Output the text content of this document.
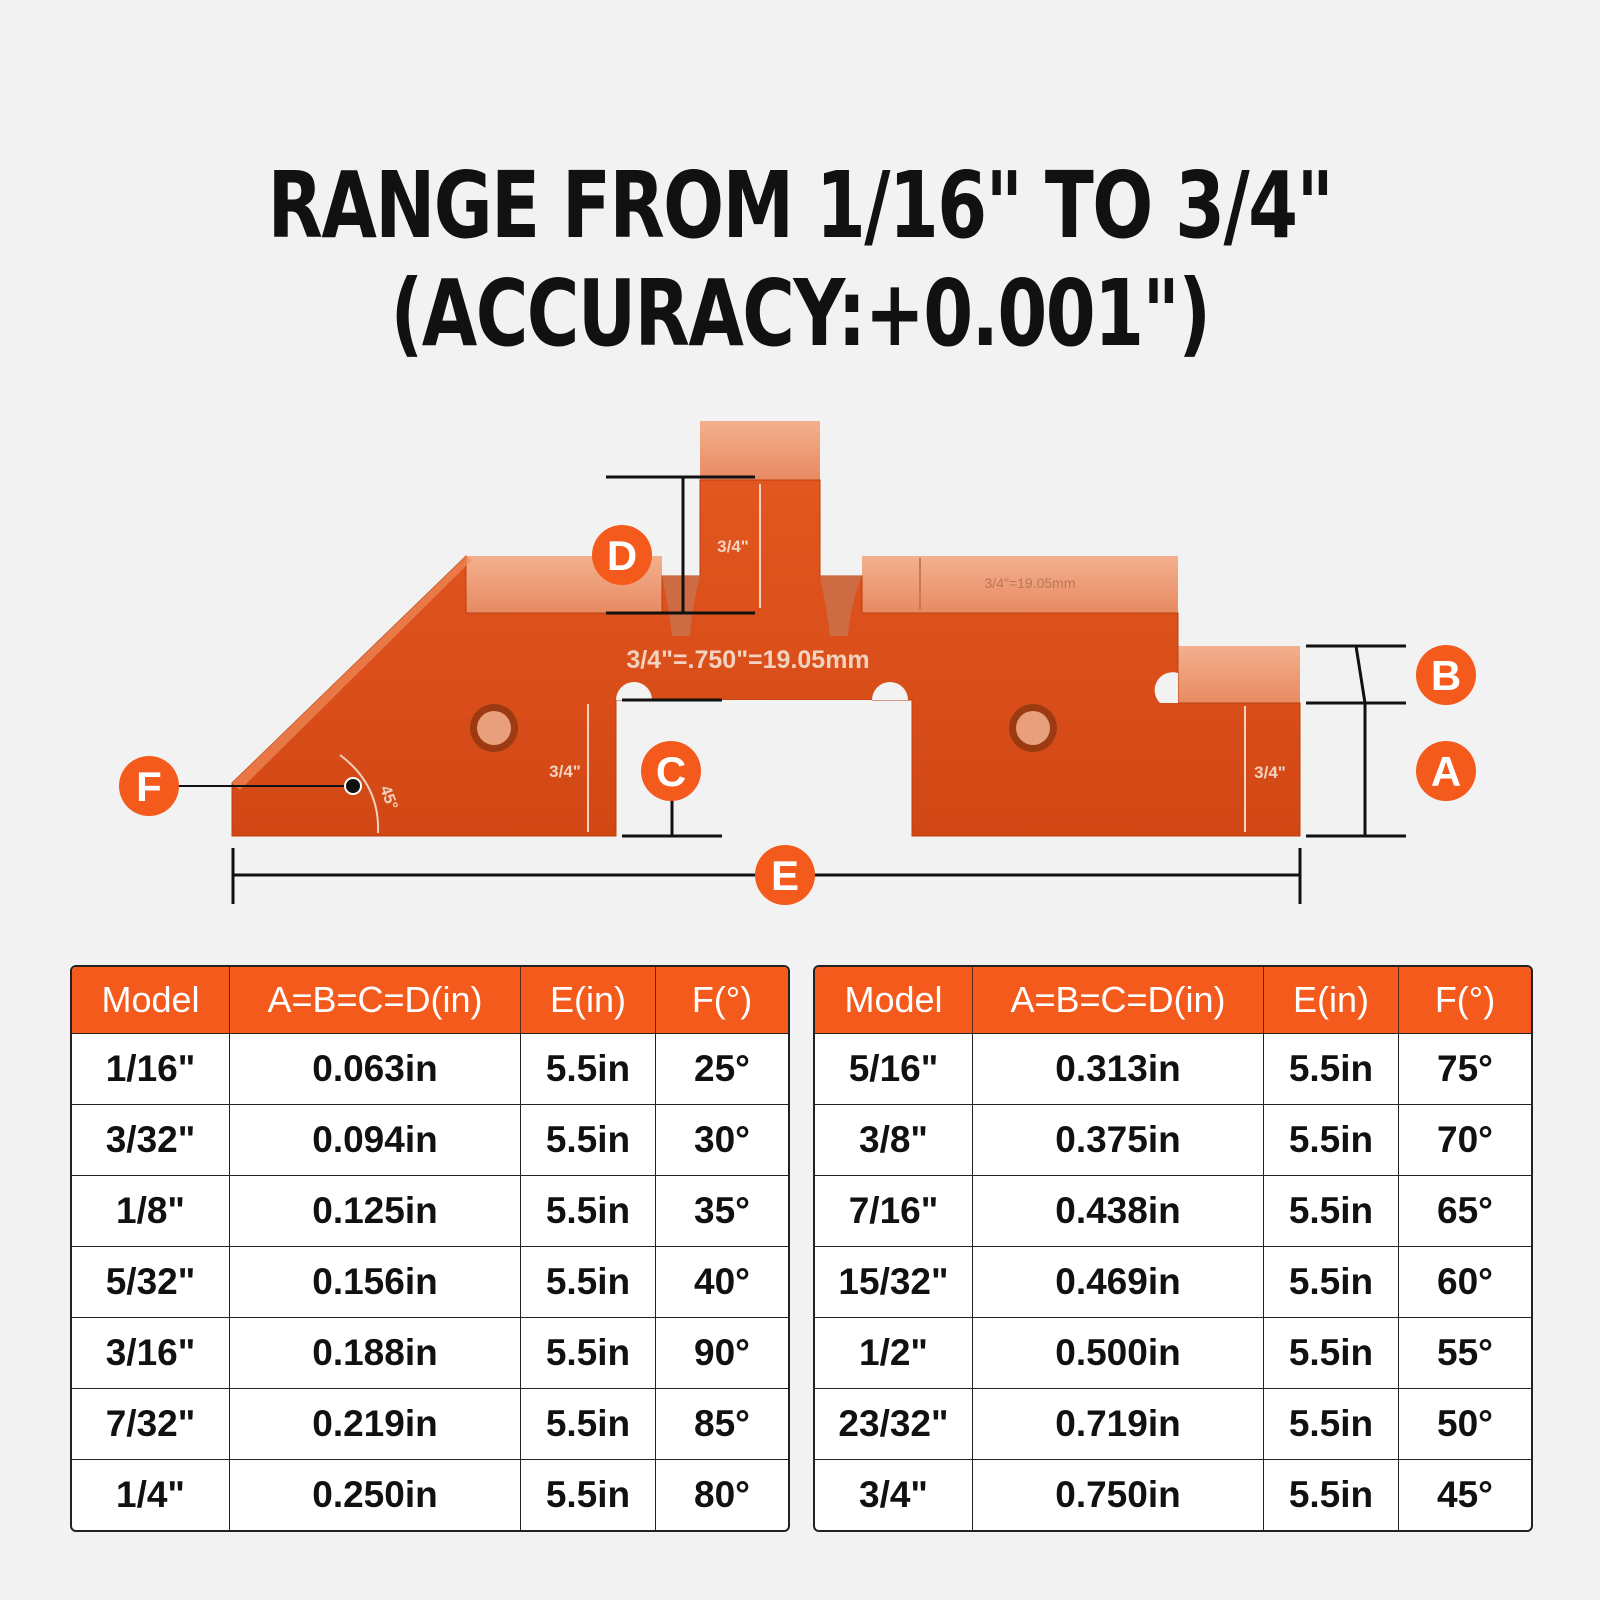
RANGE FROM 1/16" TO 3/4"
(ACCURACY:+0.001")
3/4"=.750"=19.05mm
3/4"
3/4"=19.05mm
3/4"	3/4"
45°
D
C
B
A
F
E
Model	A=B=C=D(in)	E(in)	F(°)
1/16"	0.063in	5.5in	25°
3/32"	0.094in	5.5in	30°
1/8"	0.125in	5.5in	35°
5/32"	0.156in	5.5in	40°
3/16"	0.188in	5.5in	90°
7/32"	0.219in	5.5in	85°
1/4"	0.250in	5.5in	80°
Model	A=B=C=D(in)	E(in)	F(°)
5/16"	0.313in	5.5in	75°
3/8"	0.375in	5.5in	70°
7/16"	0.438in	5.5in	65°
15/32"	0.469in	5.5in	60°
1/2"	0.500in	5.5in	55°
23/32"	0.719in	5.5in	50°
3/4"	0.750in	5.5in	45°
